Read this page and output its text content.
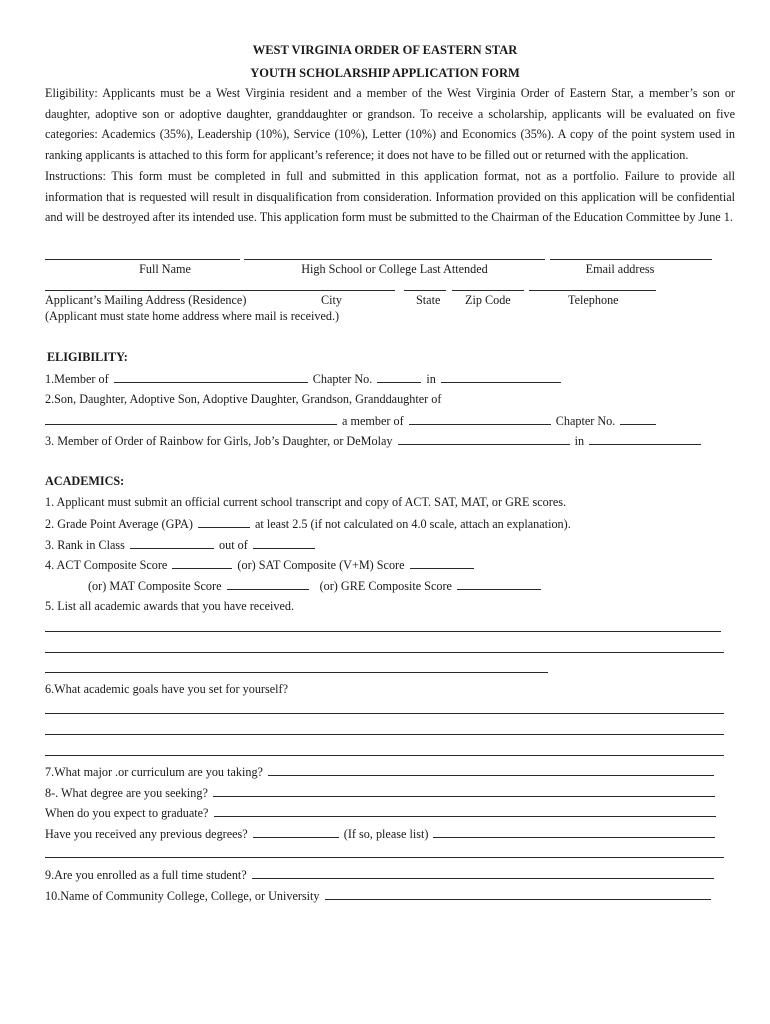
WEST VIRGINIA ORDER OF EASTERN STAR
YOUTH SCHOLARSHIP APPLICATION FORM
Eligibility: Applicants must be a West Virginia resident and a member of the West Virginia Order of Eastern Star, a member’s son or daughter, adoptive son or adoptive daughter, granddaughter or grandson. To receive a scholarship, applicants will be evaluated on five categories: Academics (35%), Leadership (10%), Service (10%), Letter (10%) and Economics (35%). A copy of the point system used in ranking applicants is attached to this form for applicant’s reference; it does not have to be filled out or returned with the application.
Instructions: This form must be completed in full and submitted in this application format, not as a portfolio. Failure to provide all information that is requested will result in disqualification from consideration. Information provided on this application will be confidential and will be destroyed after its intended use. This application form must be submitted to the Chairman of the Education Committee by June 1.
Full Name	High School or College Last Attended	Email address
Applicant’s Mailing Address (Residence)	City	State Zip Code	Telephone
(Applicant must state home address where mail is received.)
ELIGIBILITY:
1.Member of	Chapter No.	in
2.Son, Daughter, Adoptive Son, Adoptive Daughter, Grandson, Granddaughter of
a member of	Chapter No.
3. Member of Order of Rainbow for Girls, Job’s Daughter, or DeMolay	in
ACADEMICS:
1. Applicant must submit an official current school transcript and copy of ACT. SAT, MAT, or GRE scores.
2. Grade Point Average (GPA)	at least 2.5 (if not calculated on 4.0 scale, attach an explanation).
3. Rank in Class	out of
4. ACT Composite Score	(or) SAT Composite (V+M) Score
(or) MAT Composite Score	(or) GRE Composite Score
5. List all academic awards that you have received.
6.What academic goals have you set for yourself?
7.What major .or curriculum are you taking?
8-. What degree are you seeking?
When do you expect to graduate?
Have you received any previous degrees?	(If so, please list)
9.Are you enrolled as a full time student?
10.Name of Community College, College, or University
